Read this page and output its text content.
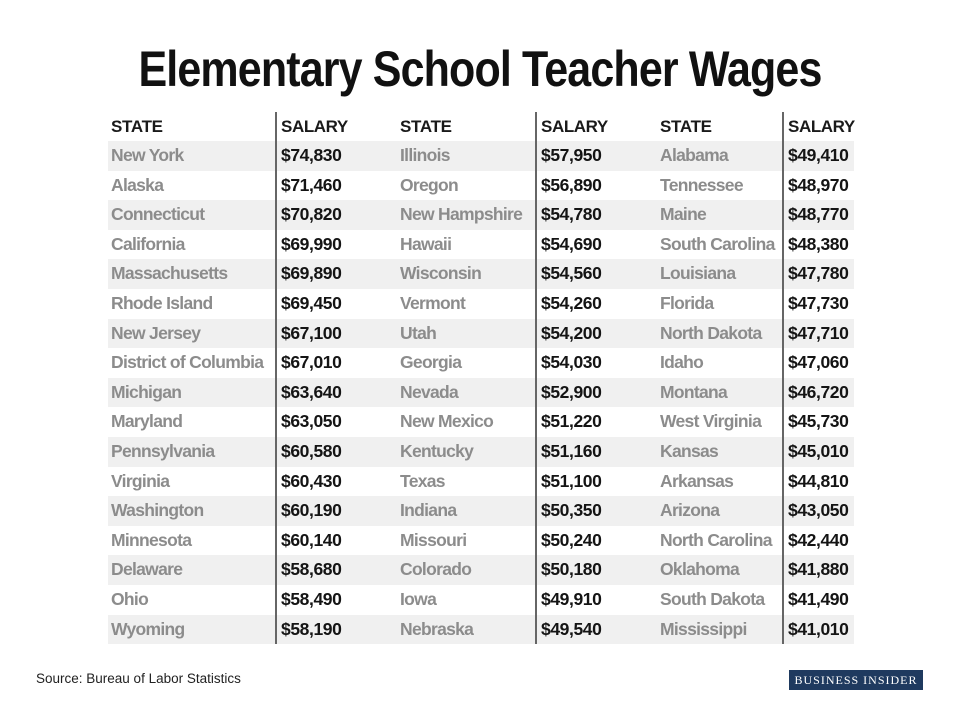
Elementary School Teacher Wages
STATE	SALARY
New York	$74,830
Alaska	$71,460
Connecticut	$70,820
California	$69,990
Massachusetts	$69,890
Rhode Island	$69,450
New Jersey	$67,100
District of Columbia	$67,010
Michigan	$63,640
Maryland	$63,050
Pennsylvania	$60,580
Virginia	$60,430
Washington	$60,190
Minnesota	$60,140
Delaware	$58,680
Ohio	$58,490
Wyoming	$58,190
STATE	SALARY
Illinois	$57,950
Oregon	$56,890
New Hampshire	$54,780
Hawaii	$54,690
Wisconsin	$54,560
Vermont	$54,260
Utah	$54,200
Georgia	$54,030
Nevada	$52,900
New Mexico	$51,220
Kentucky	$51,160
Texas	$51,100
Indiana	$50,350
Missouri	$50,240
Colorado	$50,180
Iowa	$49,910
Nebraska	$49,540
STATE	SALARY
Alabama	$49,410
Tennessee	$48,970
Maine	$48,770
South Carolina $48,380
Louisiana	$47,780
Florida	$47,730
North Dakota	$47,710
Idaho	$47,060
Montana	$46,720
West Virginia	$45,730
Kansas	$45,010
Arkansas	$44,810
Arizona	$43,050
North Carolina $42,440
Oklahoma	$41,880
South Dakota	$41,490
Mississippi	$41,010
Source: Bureau of Labor Statistics	BUSINESS INSIDER
